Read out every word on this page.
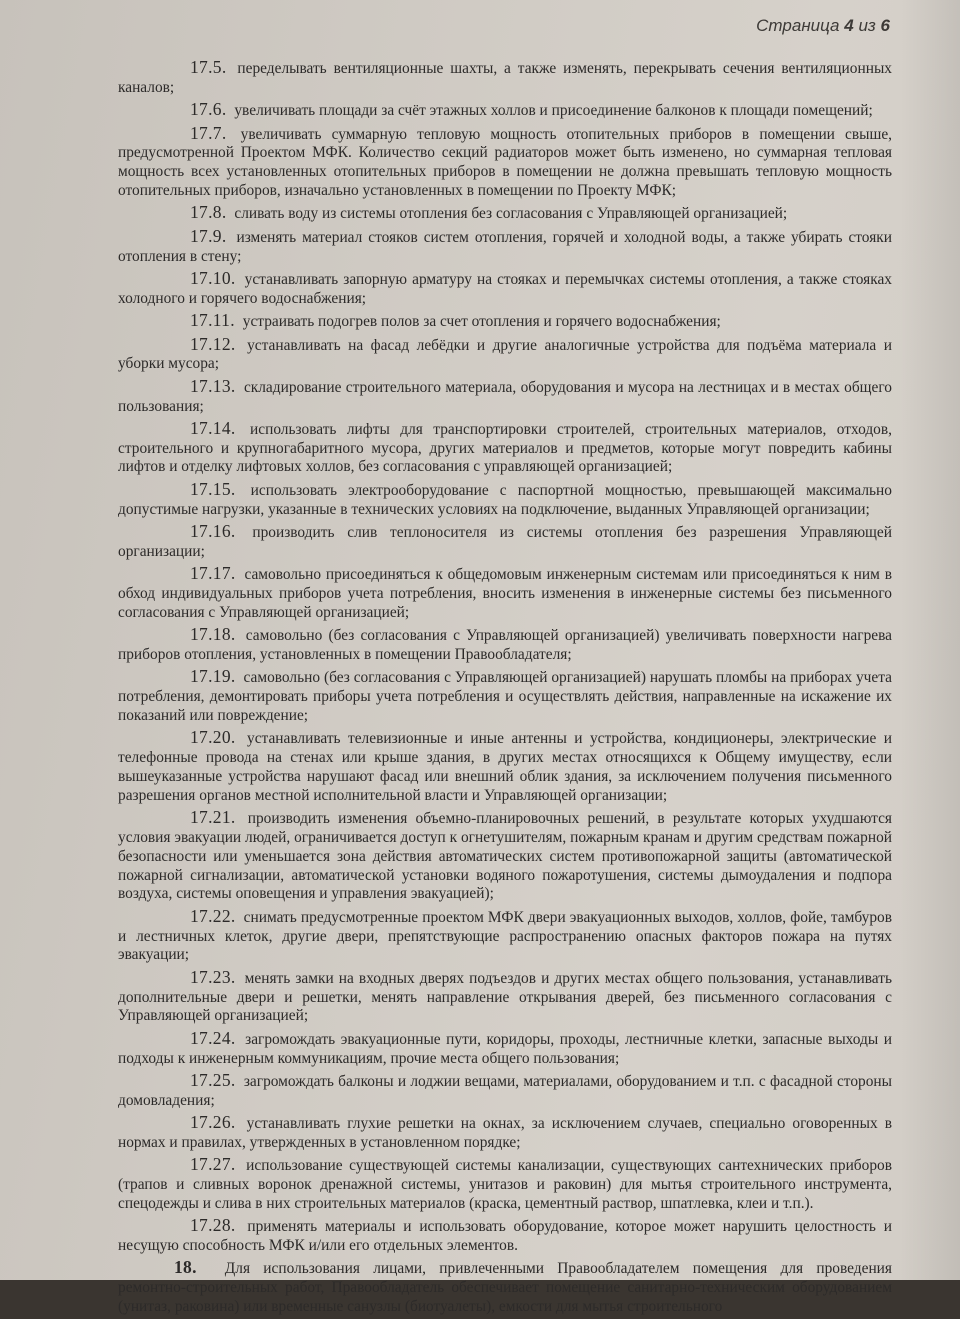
Страница 4 из 6

17.5. переделывать вентиляционные шахты, а также изменять, перекрывать сечения вентиляционных каналов;

17.6. увеличивать площади за счёт этажных холлов и присоединение балконов к площади помещений;

17.7. увеличивать суммарную тепловую мощность отопительных приборов в помещении свыше, предусмотренной Проектом МФК. Количество секций радиаторов может быть изменено, но суммарная тепловая мощность всех установленных отопительных приборов в помещении не должна превышать тепловую мощность отопительных приборов, изначально установленных в помещении по Проекту МФК;

17.8. сливать воду из системы отопления без согласования с Управляющей организацией;

17.9. изменять материал стояков систем отопления, горячей и холодной воды, а также убирать стояки отопления в стену;

17.10. устанавливать запорную арматуру на стояках и перемычках системы отопления, а также стояках холодного и горячего водоснабжения;

17.11. устраивать подогрев полов за счет отопления и горячего водоснабжения;

17.12. устанавливать на фасад лебёдки и другие аналогичные устройства для подъёма материала и уборки мусора;

17.13. складирование строительного материала, оборудования и мусора на лестницах и в местах общего пользования;

17.14. использовать лифты для транспортировки строителей, строительных материалов, отходов, строительного и крупногабаритного мусора, других материалов и предметов, которые могут повредить кабины лифтов и отделку лифтовых холлов, без согласования с управляющей организацией;

17.15. использовать электрооборудование с паспортной мощностью, превышающей максимально допустимые нагрузки, указанные в технических условиях на подключение, выданных Управляющей организации;

17.16. производить слив теплоносителя из системы отопления без разрешения Управляющей организации;

17.17. самовольно присоединяться к общедомовым инженерным системам или присоединяться к ним в обход индивидуальных приборов учета потребления, вносить изменения в инженерные системы без письменного согласования с Управляющей организацией;

17.18. самовольно (без согласования с Управляющей организацией) увеличивать поверхности нагрева приборов отопления, установленных в помещении Правообладателя;

17.19. самовольно (без согласования с Управляющей организацией) нарушать пломбы на приборах учета потребления, демонтировать приборы учета потребления и осуществлять действия, направленные на искажение их показаний или повреждение;

17.20. устанавливать телевизионные и иные антенны и устройства, кондиционеры, электрические и телефонные провода на стенах или крыше здания, в других местах относящихся к Общему имуществу, если вышеуказанные устройства нарушают фасад или внешний облик здания, за исключением получения письменного разрешения органов местной исполнительной власти и Управляющей организации;

17.21. производить изменения объемно-планировочных решений, в результате которых ухудшаются условия эвакуации людей, ограничивается доступ к огнетушителям, пожарным кранам и другим средствам пожарной безопасности или уменьшается зона действия автоматических систем противопожарной защиты (автоматической пожарной сигнализации, автоматической установки водяного пожаротушения, системы дымоудаления и подпора воздуха, системы оповещения и управления эвакуацией);

17.22. снимать предусмотренные проектом МФК двери эвакуационных выходов, холлов, фойе, тамбуров и лестничных клеток, другие двери, препятствующие распространению опасных факторов пожара на путях эвакуации;

17.23. менять замки на входных дверях подъездов и других местах общего пользования, устанавливать дополнительные двери и решетки, менять направление открывания дверей, без письменного согласования с Управляющей организацией;

17.24. загромождать эвакуационные пути, коридоры, проходы, лестничные клетки, запасные выходы и подходы к инженерным коммуникациям, прочие места общего пользования;

17.25. загромождать балконы и лоджии вещами, материалами, оборудованием и т.п. с фасадной стороны домовладения;

17.26. устанавливать глухие решетки на окнах, за исключением случаев, специально оговоренных в нормах и правилах, утвержденных в установленном порядке;

17.27. использование существующей системы канализации, существующих сантехнических приборов (трапов и сливных воронок дренажной системы, унитазов и раковин) для мытья строительного инструмента, спецодежды и слива в них строительных материалов (краска, цементный раствор, шпатлевка, клеи и т.п.).

17.28. применять материалы и использовать оборудование, которое может нарушить целостность и несущую способность МФК и/или его отдельных элементов.

18. Для использования лицами, привлеченными Правообладателем помещения для проведения ремонтно-строительных работ, Правообладатель обеспечивает помещение санитарно-техническим оборудованием (унитаз, раковина) или временные санузлы (биотуалеты), емкости для мытья строительного
